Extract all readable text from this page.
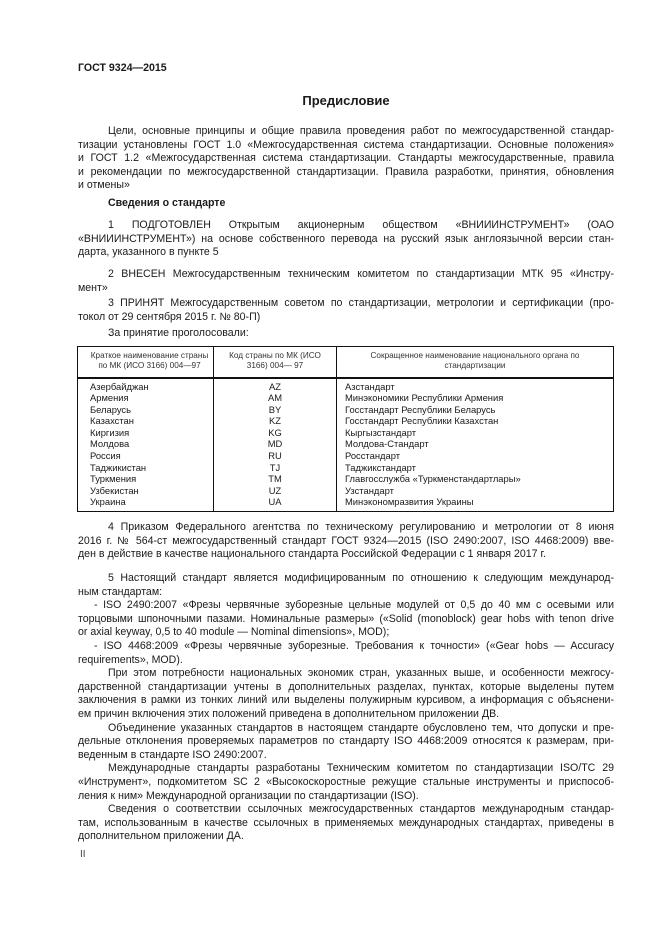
ГОСТ 9324—2015
Предисловие
Цели, основные принципы и общие правила проведения работ по межгосударственной стандар-
тизации установлены ГОСТ 1.0 «Межгосударственная система стандартизации. Основные положения»
и ГОСТ 1.2 «Межгосударственная система стандартизации. Стандарты межгосударственные, правила
и рекомендации по межгосударственной стандартизации. Правила разработки, принятия, обновления
и отмены»
Сведения о стандарте
1 ПОДГОТОВЛЕН Открытым акционерным обществом «ВНИИИНСТРУМЕНТ» (ОАО
«ВНИИИНСТРУМЕНТ») на основе собственного перевода на русский язык англоязычной версии стан-
дарта, указанного в пункте 5
2 ВНЕСЕН Межгосударственным техническим комитетом по стандартизации МТК 95 «Инстру-
мент»
3 ПРИНЯТ Межгосударственным советом по стандартизации, метрологии и сертификации (про-
токол от 29 сентября 2015 г. № 80-П)
За принятие проголосовали:
Краткое наименование страны по МК (ИСО 3166) 004—97	Код страны по МК (ИСО 3166) 004— 97	Сокращенное наименование национального органа по стандартизации
Азербайджан	AZ	Азстандарт
Армения	AM	Минэкономики Республики Армения
Беларусь	BY	Госстандарт Республики Беларусь
Казахстан	KZ	Госстандарт Республики Казахстан
Киргизия	KG	Кыргызстандарт
Молдова	MD	Молдова-Стандарт
Россия	RU	Росстандарт
Таджикистан	TJ	Таджикстандарт
Туркмения	TM	Главгосслужба «Туркменстандартлары»
Узбекистан	UZ	Узстандарт
Украина	UA	Минэкономразвития Украины
4 Приказом Федерального агентства по техническому регулированию и метрологии от 8 июня
2016 г. № 564-ст межгосударственный стандарт ГОСТ 9324—2015 (ISO 2490:2007, ISO 4468:2009) вве-
ден в действие в качестве национального стандарта Российской Федерации с 1 января 2017 г.
5 Настоящий стандарт является модифицированным по отношению к следующим международ-
ным стандартам:
- ISO 2490:2007 «Фрезы червячные зуборезные цельные модулей от 0,5 до 40 мм с осевыми или
торцовыми шпоночными пазами. Номинальные размеры» («Solid (monoblock) gear hobs with tenon drive
or axial keyway, 0,5 to 40 module — Nominal dimensions», MOD);
- ISO 4468:2009 «Фрезы червячные зуборезные. Требования к точности» («Gear hobs — Accuracy
requirements», MOD).
При этом потребности национальных экономик стран, указанных выше, и особенности межгосу-
дарственной стандартизации учтены в дополнительных разделах, пунктах, которые выделены путем
заключения в рамки из тонких линий или выделены полужирным курсивом, а информация с объяснени-
ем причин включения этих положений приведена в дополнительном приложении ДВ.
Объединение указанных стандартов в настоящем стандарте обусловлено тем, что допуски и пре-
дельные отклонения проверяемых параметров по стандарту ISO 4468:2009 относятся к размерам, при-
веденным в стандарте ISO 2490:2007.
Международные стандарты разработаны Техническим комитетом по стандартизации ISO/TC 29
«Инструмент», подкомитетом SC 2 «Высокоскоростные режущие стальные инструменты и приспособ-
ления к ним» Международной организации по стандартизации (ISO).
Сведения о соответствии ссылочных межгосударственных стандартов международным стандар-
там, использованным в качестве ссылочных в применяемых международных стандартах, приведены в
дополнительном приложении ДА.
II
